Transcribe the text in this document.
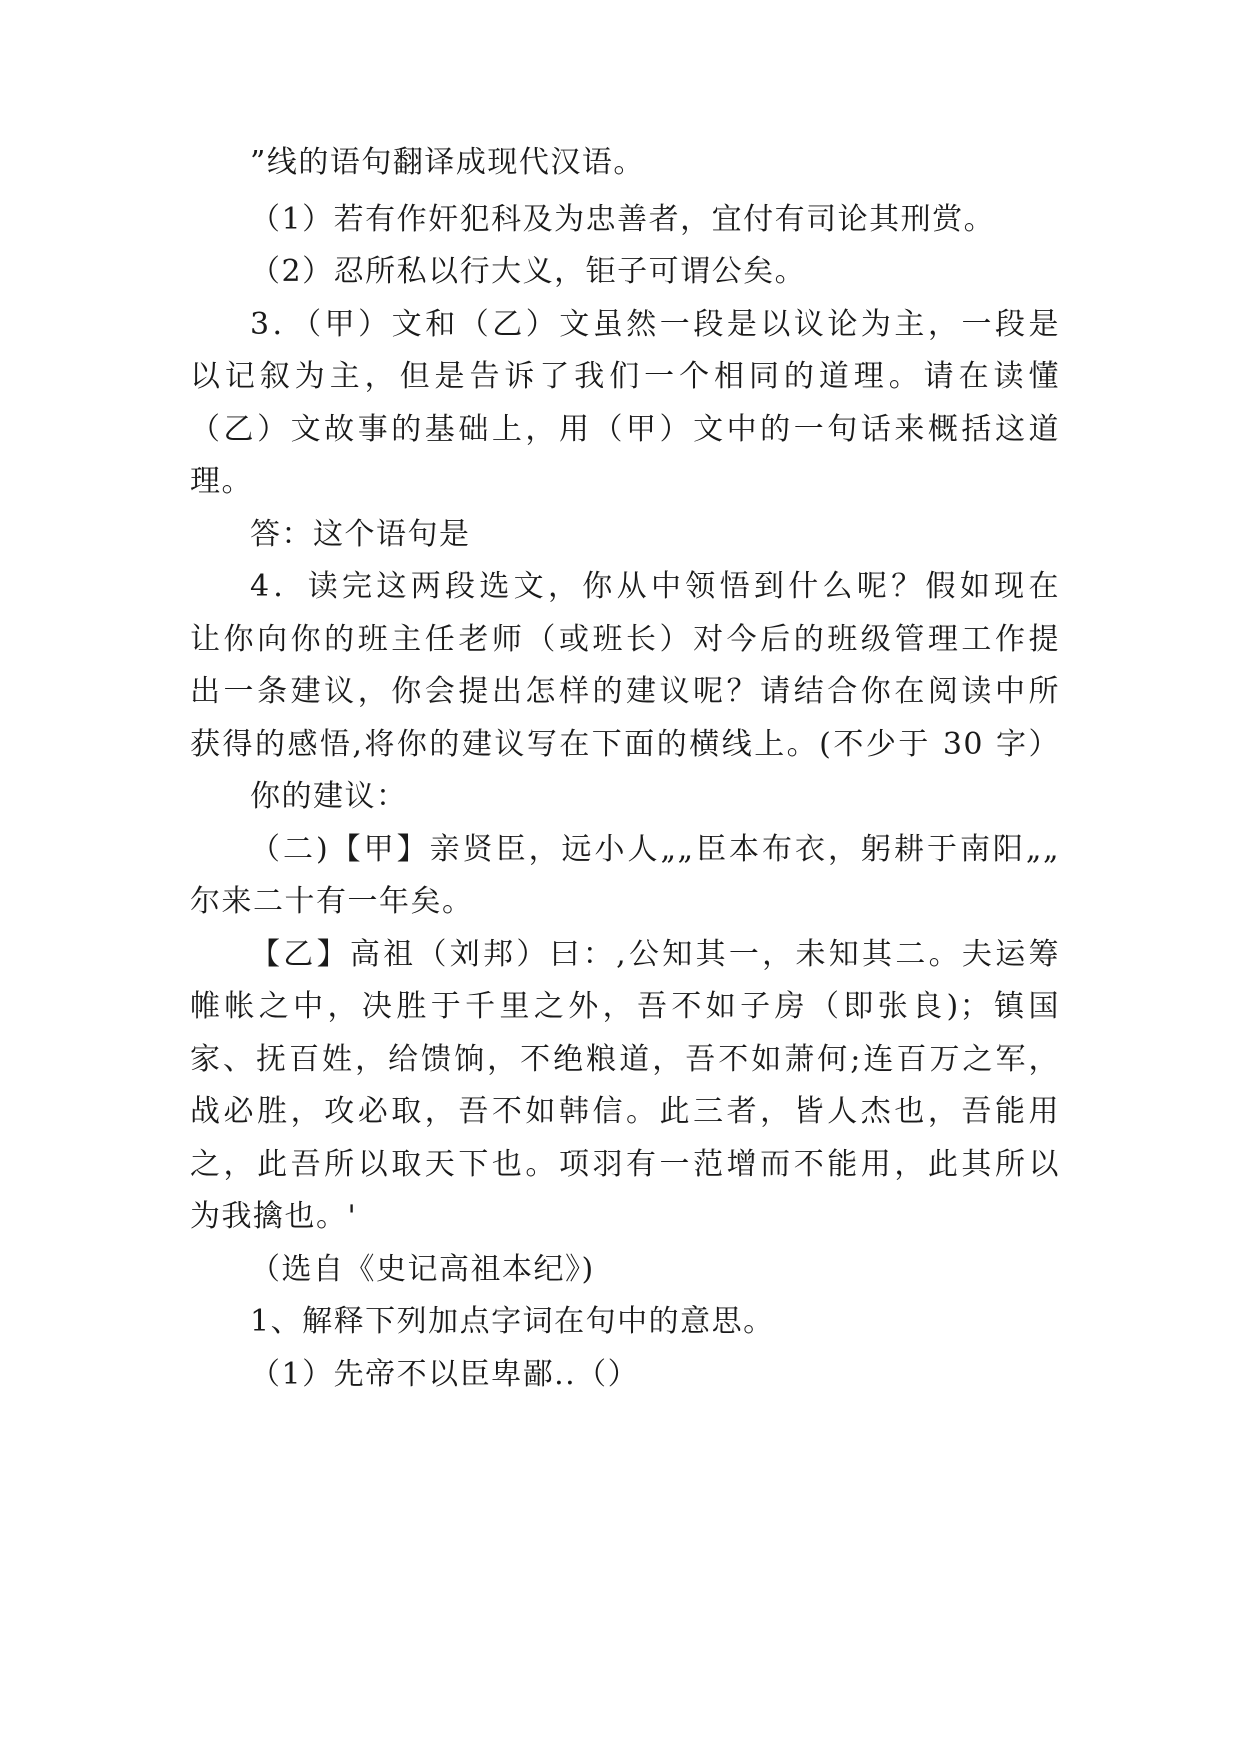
”线的语句翻译成现代汉语。
（1）若有作奸犯科及为忠善者，宜付有司论其刑赏。
（2）忍所私以行大义，钜子可谓公矣。
3．（甲）文和（乙）文虽然一段是以议论为主，一段是
以记叙为主，但是告诉了我们一个相同的道理。请在读懂
（乙）文故事的基础上，用（甲）文中的一句话来概括这道
理。
答：这个语句是
4．读完这两段选文，你从中领悟到什么呢？假如现在
让你向你的班主任老师（或班长）对今后的班级管理工作提
出一条建议，你会提出怎样的建议呢？请结合你在阅读中所
获得的感悟,将你的建议写在下面的横线上。(不少于 30 字）
你的建议：
（二)【甲】亲贤臣，远小人„„臣本布衣，躬耕于南阳„„
尔来二十有一年矣。
【乙】高祖（刘邦）曰：,公知其一，未知其二。夫运筹
帷帐之中，决胜于千里之外，吾不如子房（即张良)；镇国
家、抚百姓，给馈饷，不绝粮道，吾不如萧何;连百万之军，
战必胜，攻必取，吾不如韩信。此三者，皆人杰也，吾能用
之，此吾所以取天下也。项羽有一范增而不能用，此其所以
为我擒也。'
（选自《史记高祖本纪》)
1、解释下列加点字词在句中的意思。
（1）先帝不以臣卑鄙..（）
